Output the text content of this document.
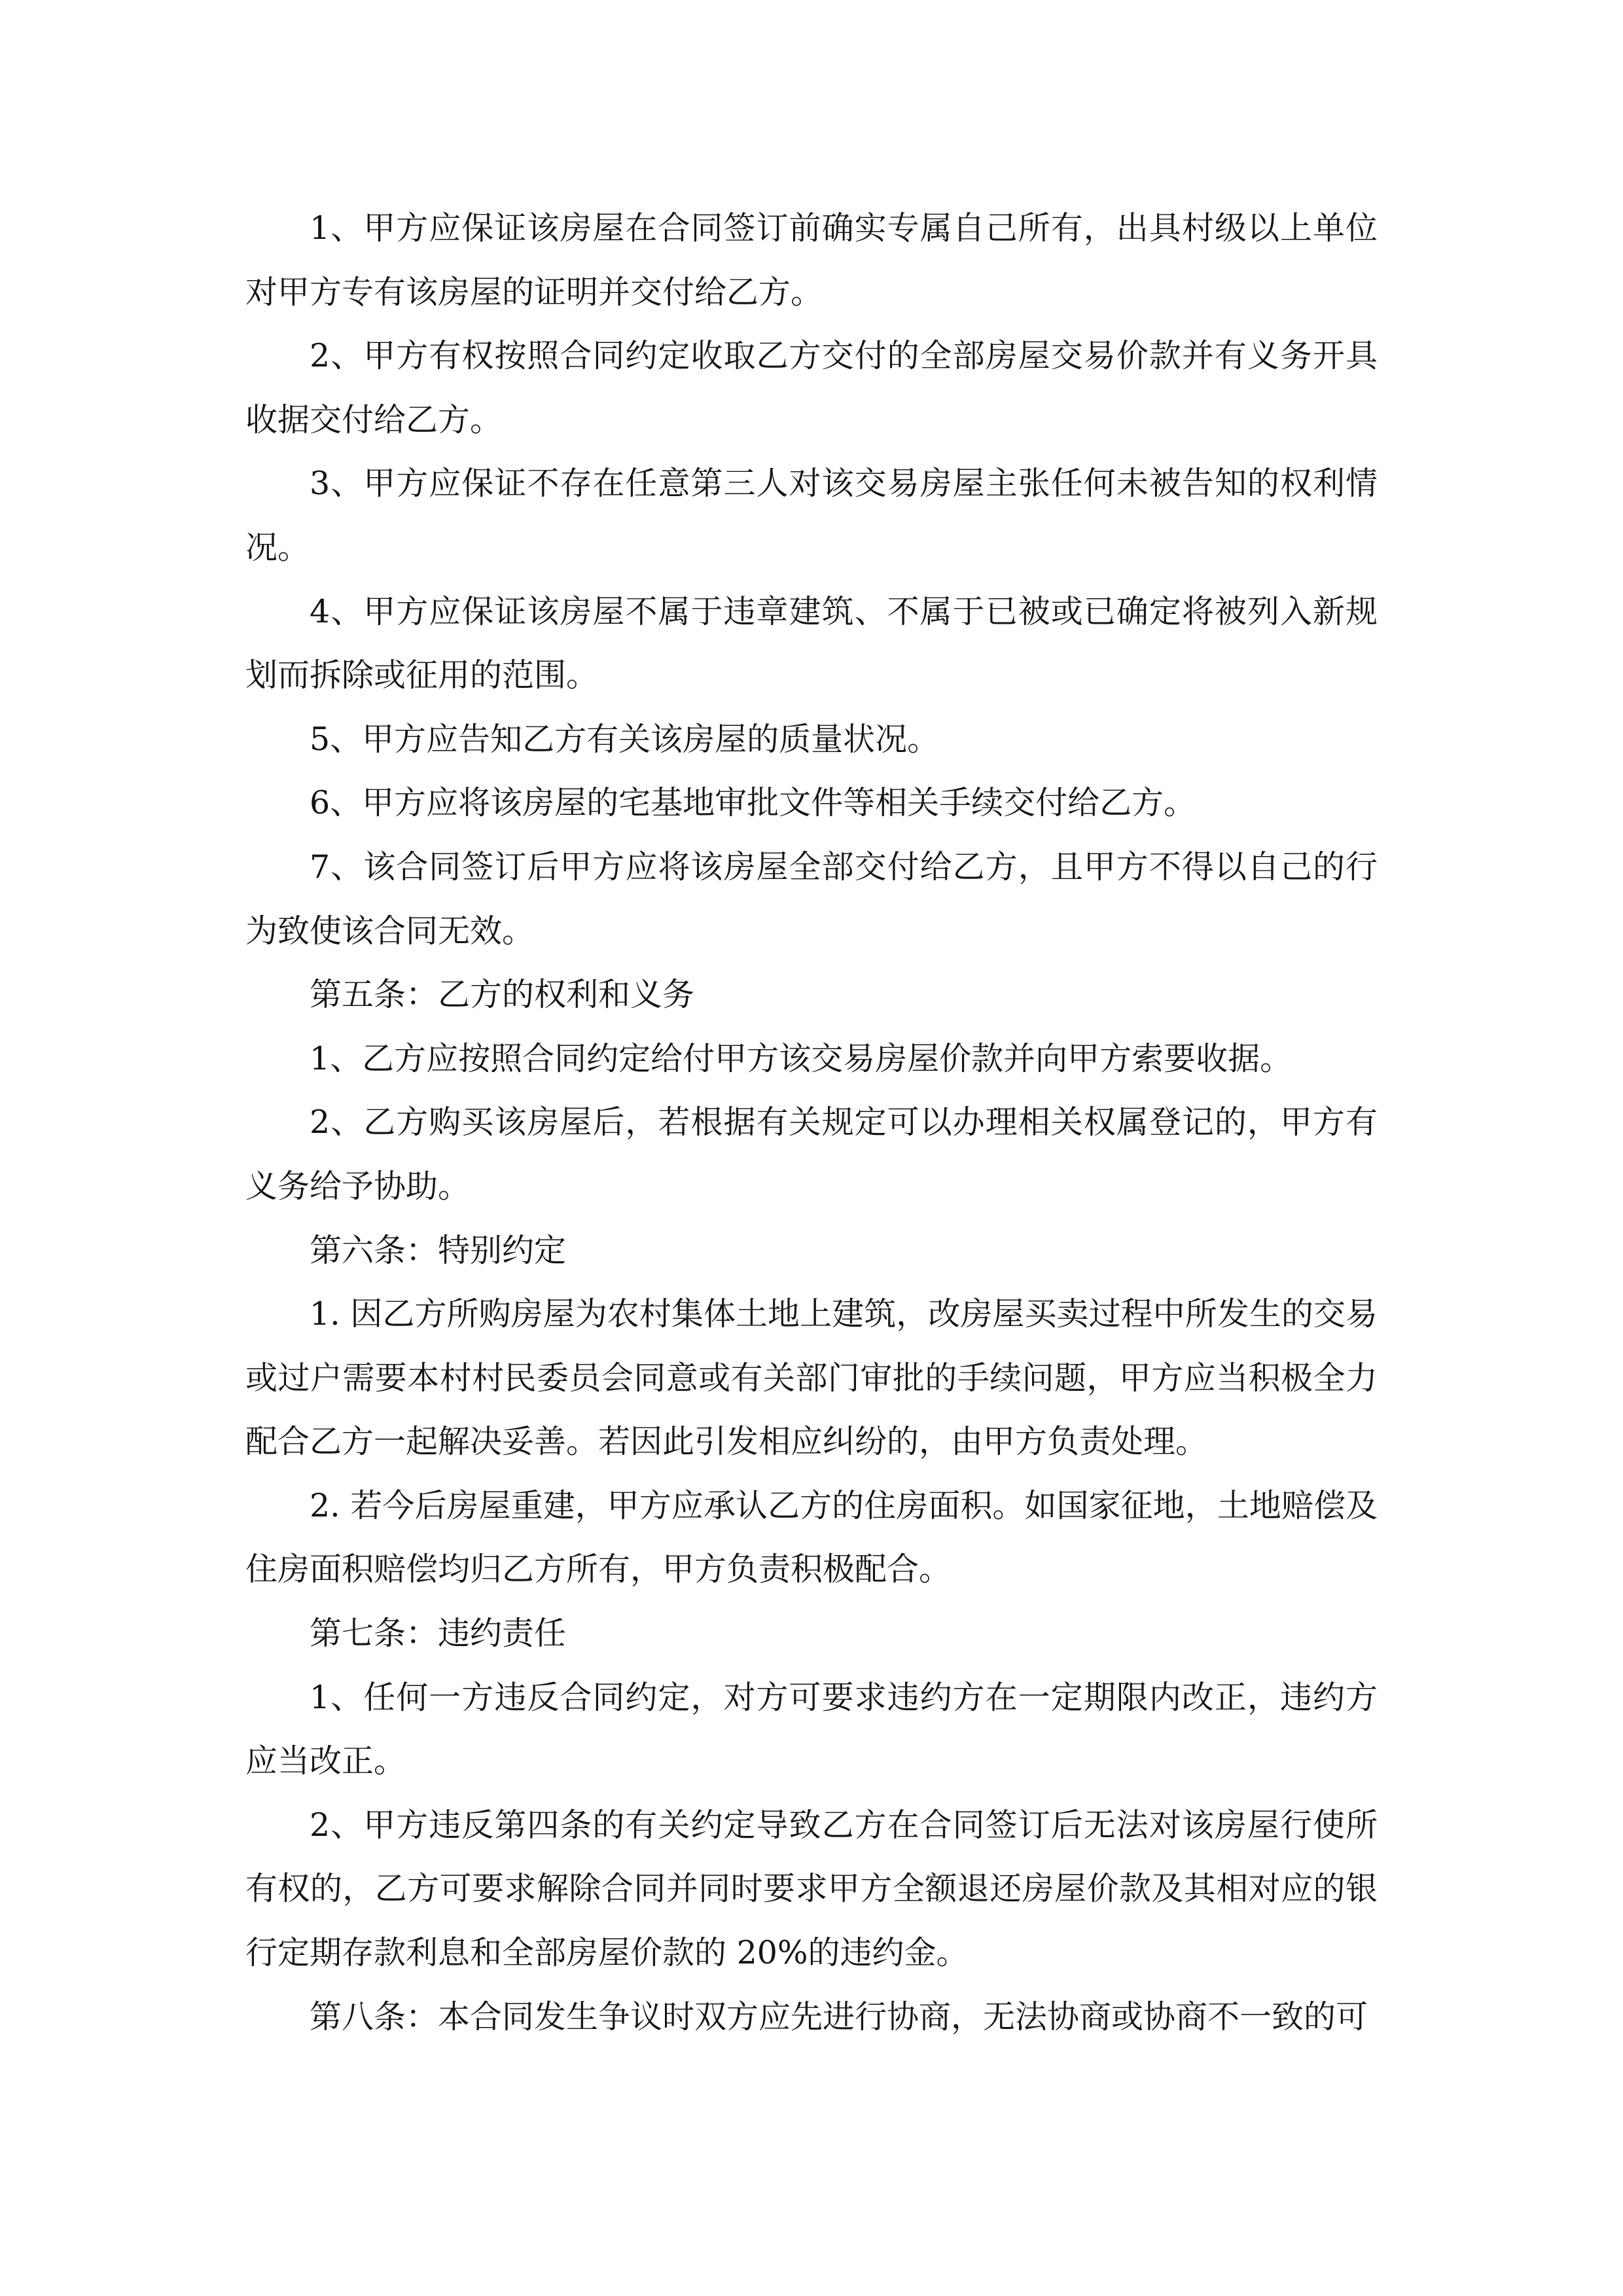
1、甲方应保证该房屋在合同签订前确实专属自己所有，出具村级以上单位对甲方专有该房屋的证明并交付给乙方。

2、甲方有权按照合同约定收取乙方交付的全部房屋交易价款并有义务开具收据交付给乙方。

3、甲方应保证不存在任意第三人对该交易房屋主张任何未被告知的权利情况。

4、甲方应保证该房屋不属于违章建筑、不属于已被或已确定将被列入新规划而拆除或征用的范围。

5、甲方应告知乙方有关该房屋的质量状况。

6、甲方应将该房屋的宅基地审批文件等相关手续交付给乙方。

7、该合同签订后甲方应将该房屋全部交付给乙方，且甲方不得以自己的行为致使该合同无效。

第五条：乙方的权利和义务

1、乙方应按照合同约定给付甲方该交易房屋价款并向甲方索要收据。

2、乙方购买该房屋后，若根据有关规定可以办理相关权属登记的，甲方有义务给予协助。

第六条：特别约定

1. 因乙方所购房屋为农村集体土地上建筑，改房屋买卖过程中所发生的交易或过户需要本村村民委员会同意或有关部门审批的手续问题，甲方应当积极全力配合乙方一起解决妥善。若因此引发相应纠纷的，由甲方负责处理。

2. 若今后房屋重建，甲方应承认乙方的住房面积。如国家征地，土地赔偿及住房面积赔偿均归乙方所有，甲方负责积极配合。

第七条：违约责任

1、任何一方违反合同约定，对方可要求违约方在一定期限内改正，违约方应当改正。

2、甲方违反第四条的有关约定导致乙方在合同签订后无法对该房屋行使所有权的，乙方可要求解除合同并同时要求甲方全额退还房屋价款及其相对应的银行定期存款利息和全部房屋价款的 20%的违约金。

第八条：本合同发生争议时双方应先进行协商，无法协商或协商不一致的可
